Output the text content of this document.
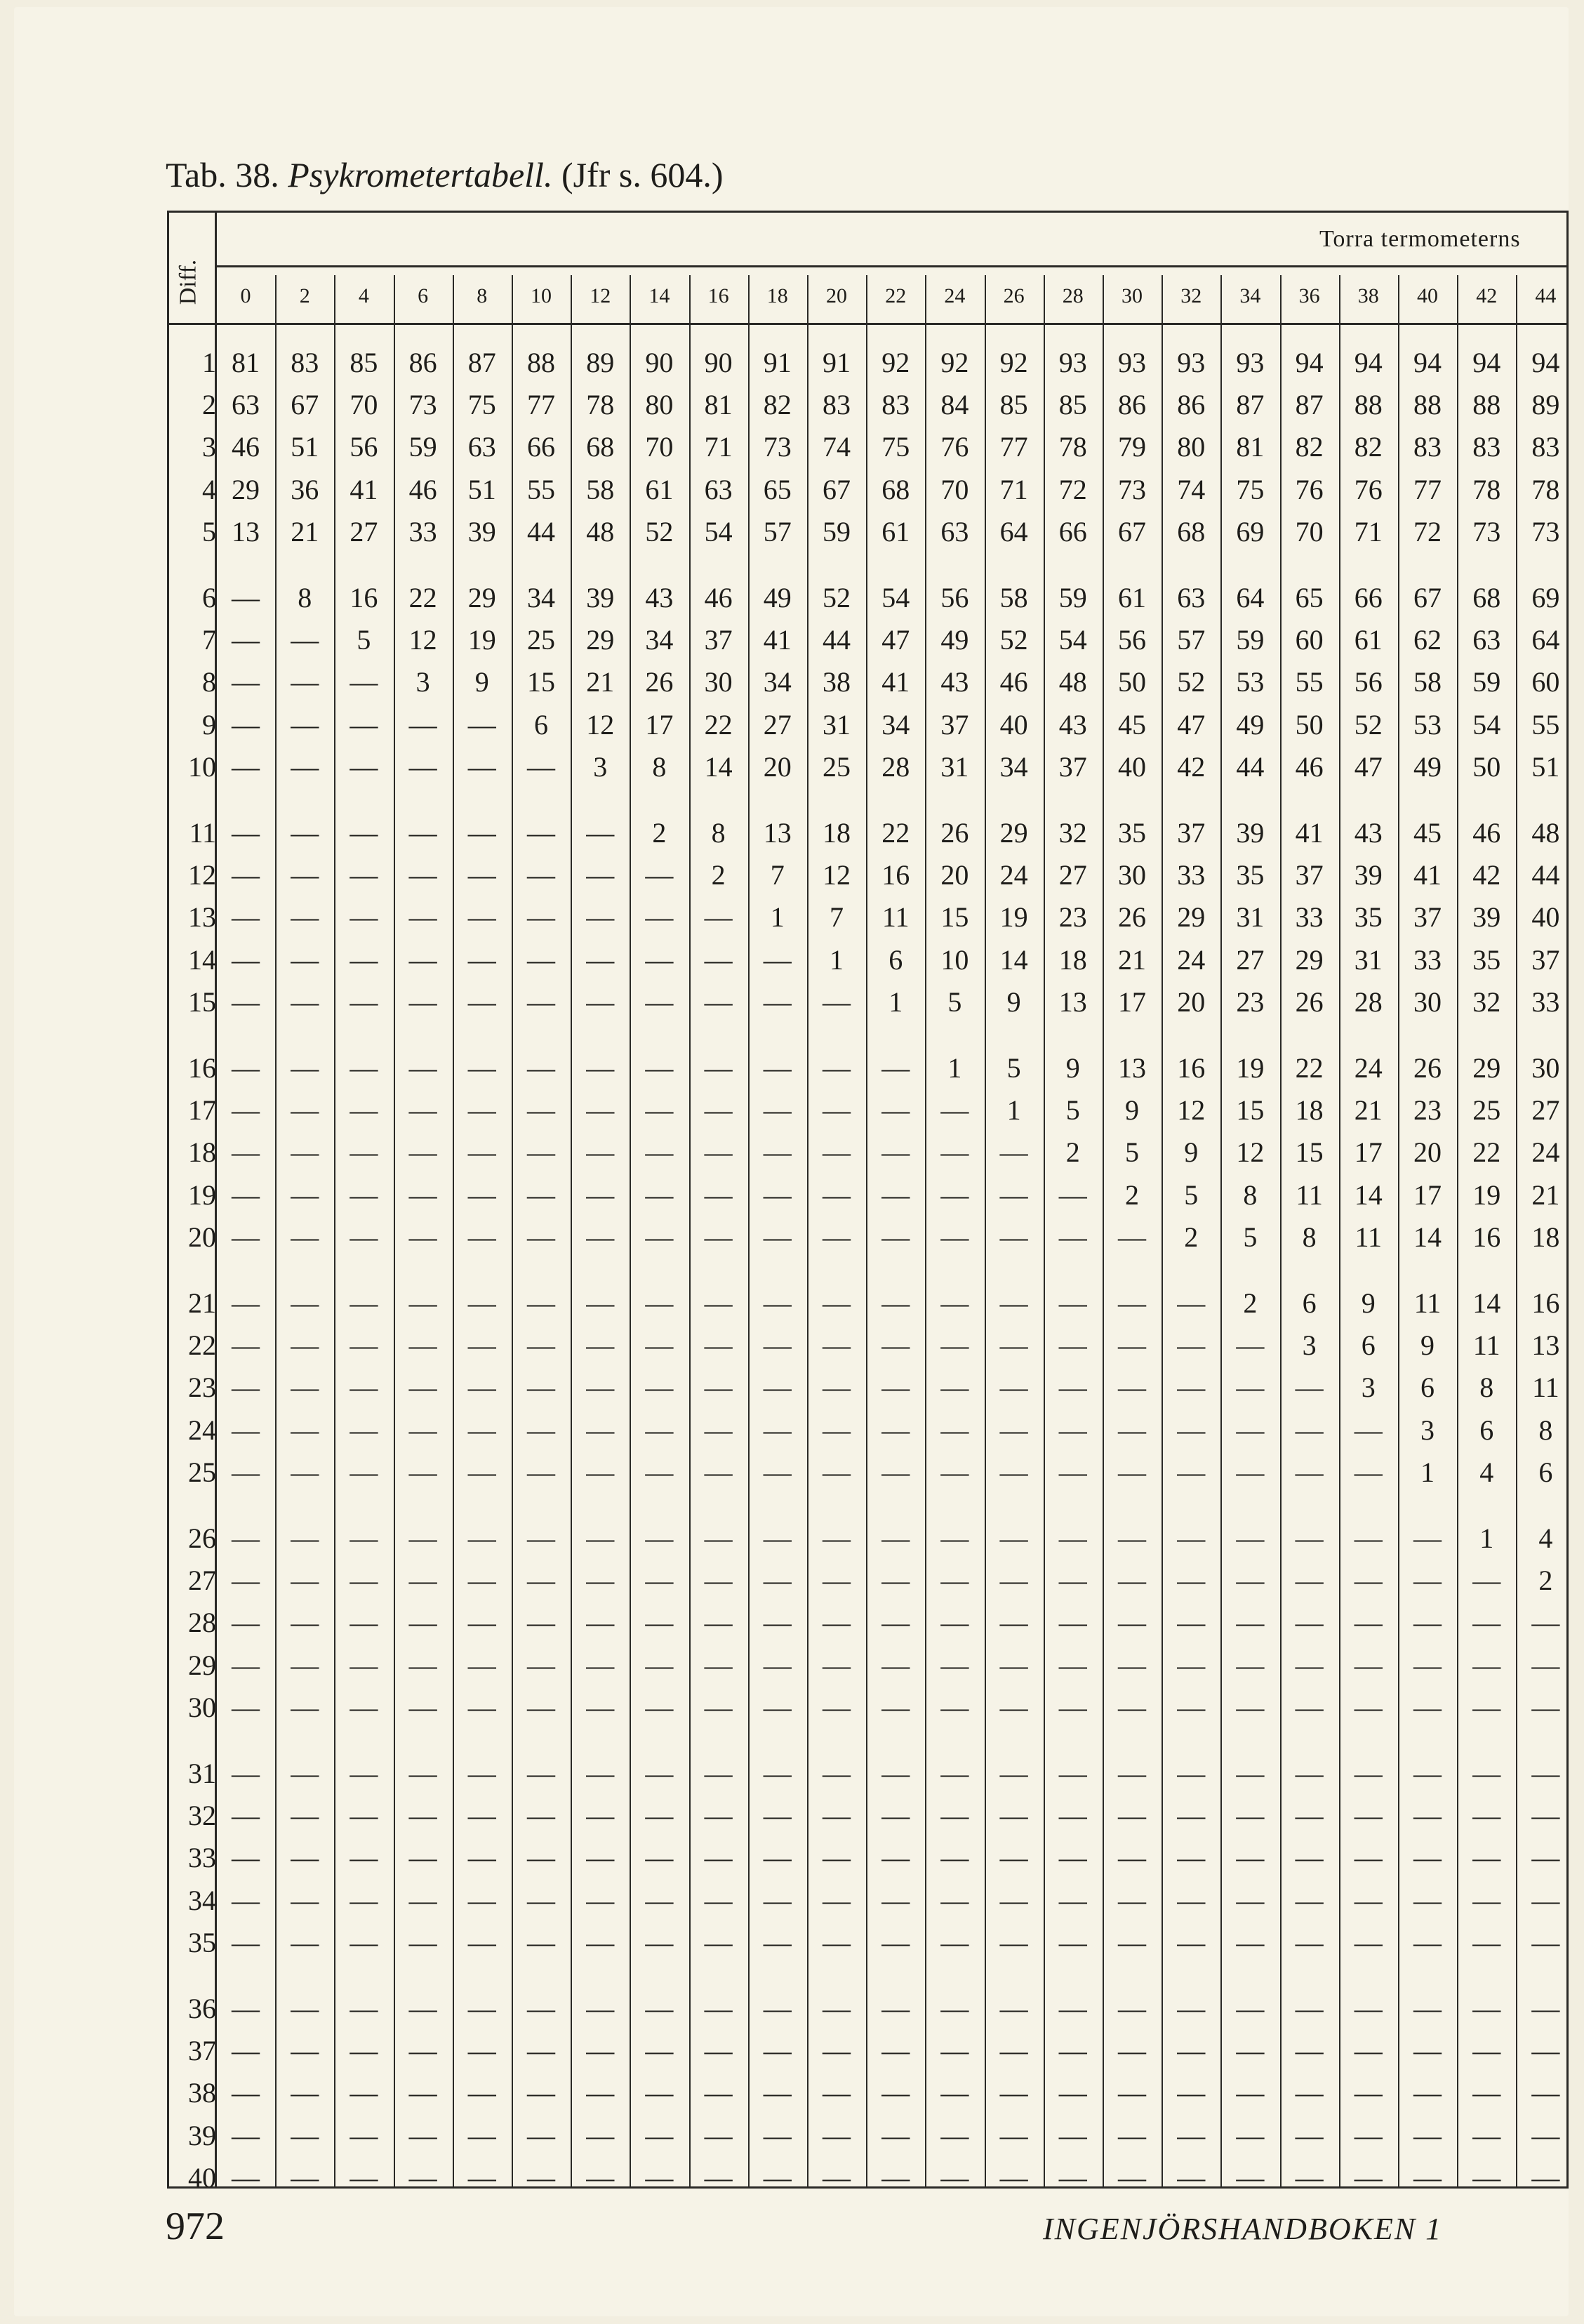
Tab. 38. Psykrometertabell. (Jfr s. 604.)
Diff.
Torra termometerns
0	2	4	6	8	10	12	14	16	18	20	22	24	26	28	30	32	34	36	38	40	42	44
1 81	83	85	86	87	88	89	90	90	91	91	92	92	92	93	93	93	93	94	94	94	94	94
2 63	67	70	73	75	77	78	80	81	82	83	83	84	85	85	86	86	87	87	88	88	88	89
3 46	51	56	59	63	66	68	70	71	73	74	75	76	77	78	79	80	81	82	82	83	83	83
4 29	36	41	46	51	55	58	61	63	65	67	68	70	71	72	73	74	75	76	76	77	78	78
5 13	21	27	33	39	44	48	52	54	57	59	61	63	64	66	67	68	69	70	71	72	73	73
6 —	8	16	22	29	34	39	43	46	49	52	54	56	58	59	61	63	64	65	66	67	68	69
7 —	—	5	12	19	25	29	34	37	41	44	47	49	52	54	56	57	59	60	61	62	63	64
8 —	—	—	3	9	15	21	26	30	34	38	41	43	46	48	50	52	53	55	56	58	59	60
9 —	—	—	—	—	6	12	17	22	27	31	34	37	40	43	45	47	49	50	52	53	54	55
10 —	—	—	—	—	—	3	8	14	20	25	28	31	34	37	40	42	44	46	47	49	50	51
11 —	—	—	—	—	—	—	2	8	13	18	22	26	29	32	35	37	39	41	43	45	46	48
12 —	—	—	—	—	—	—	—	2	7	12	16	20	24	27	30	33	35	37	39	41	42	44
13 —	—	—	—	—	—	—	—	—	1	7	11	15	19	23	26	29	31	33	35	37	39	40
14 —	—	—	—	—	—	—	—	—	—	1	6	10	14	18	21	24	27	29	31	33	35	37
15 —	—	—	—	—	—	—	—	—	—	—	1	5	9	13	17	20	23	26	28	30	32	33
16 —	—	—	—	—	—	—	—	—	—	—	—	1	5	9	13	16	19	22	24	26	29	30
17 —	—	—	—	—	—	—	—	—	—	—	—	—	1	5	9	12	15	18	21	23	25	27
18 —	—	—	—	—	—	—	—	—	—	—	—	—	—	2	5	9	12	15	17	20	22	24
19 —	—	—	—	—	—	—	—	—	—	—	—	—	—	—	2	5	8	11	14	17	19	21
20 —	—	—	—	—	—	—	—	—	—	—	—	—	—	—	—	2	5	8	11	14	16	18
21 —	—	—	—	—	—	—	—	—	—	—	—	—	—	—	—	—	2	6	9	11	14	16
22 —	—	—	—	—	—	—	—	—	—	—	—	—	—	—	—	—	—	3	6	9	11	13
23 —	—	—	—	—	—	—	—	—	—	—	—	—	—	—	—	—	—	—	3	6	8	11
24 —	—	—	—	—	—	—	—	—	—	—	—	—	—	—	—	—	—	—	—	3	6	8
25 —	—	—	—	—	—	—	—	—	—	—	—	—	—	—	—	—	—	—	—	1	4	6
26 —	—	—	—	—	—	—	—	—	—	—	—	—	—	—	—	—	—	—	—	—	1	4
27 —	—	—	—	—	—	—	—	—	—	—	—	—	—	—	—	—	—	—	—	—	—	2
28 —	—	—	—	—	—	—	—	—	—	—	—	—	—	—	—	—	—	—	—	—	—	—
29 —	—	—	—	—	—	—	—	—	—	—	—	—	—	—	—	—	—	—	—	—	—	—
30 —	—	—	—	—	—	—	—	—	—	—	—	—	—	—	—	—	—	—	—	—	—	—
31 —	—	—	—	—	—	—	—	—	—	—	—	—	—	—	—	—	—	—	—	—	—	—
32 —	—	—	—	—	—	—	—	—	—	—	—	—	—	—	—	—	—	—	—	—	—	—
33 —	—	—	—	—	—	—	—	—	—	—	—	—	—	—	—	—	—	—	—	—	—	—
34 —	—	—	—	—	—	—	—	—	—	—	—	—	—	—	—	—	—	—	—	—	—	—
35 —	—	—	—	—	—	—	—	—	—	—	—	—	—	—	—	—	—	—	—	—	—	—
36 —	—	—	—	—	—	—	—	—	—	—	—	—	—	—	—	—	—	—	—	—	—	—
37 —	—	—	—	—	—	—	—	—	—	—	—	—	—	—	—	—	—	—	—	—	—	—
38 —	—	—	—	—	—	—	—	—	—	—	—	—	—	—	—	—	—	—	—	—	—	—
39 —	—	—	—	—	—	—	—	—	—	—	—	—	—	—	—	—	—	—	—	—	—	—
40 —	—	—	—	—	—	—	—	—	—	—	—	—	—	—	—	—	—	—	—	—	—	—
972	INGENJÖRSHANDBOKEN 1
